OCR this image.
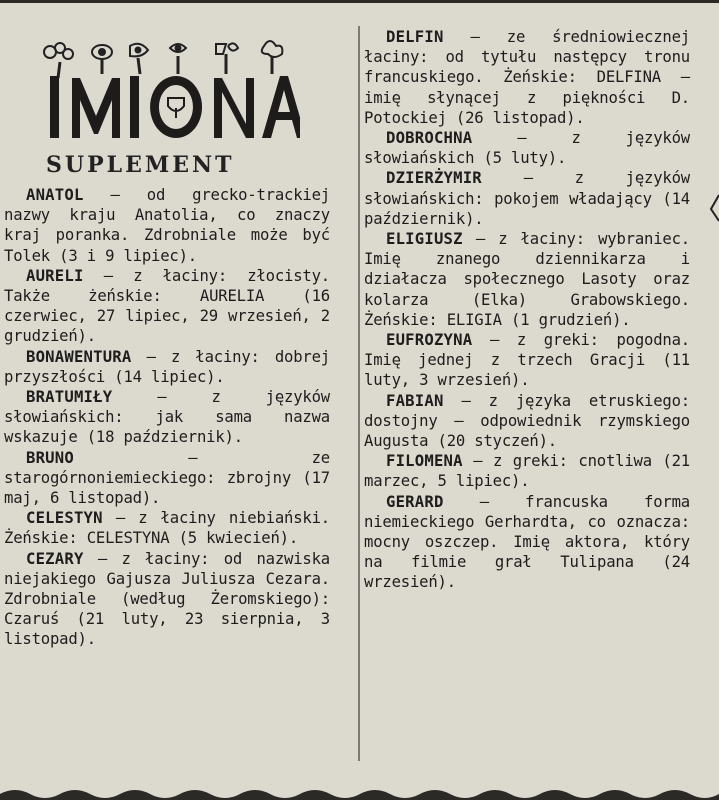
SUPLEMENT

ANATOL — od grecko-trackiej nazwy kraju Anatolia, co znaczy kraj poranka. Zdrobniale może być Tolek (3 i 9 lipiec).

AURELI — z łaciny: złocisty. Także żeńskie: AURELIA (16 czerwiec, 27 lipiec, 29 wrzesień, 2 grudzień).

BONAWENTURA — z łaciny: dobrej przyszłości (14 lipiec).

BRATUMIŁY — z języków słowiańskich: jak sama nazwa wskazuje (18 październik).

BRUNO — ze starogórnoniemieckiego: zbrojny (17 maj, 6 listopad).

CELESTYN — z łaciny niebiański. Żeńskie: CELESTYNA (5 kwiecień).

CEZARY — z łaciny: od nazwiska niejakiego Gajusza Juliusza Cezara. Zdrobniale (według Żeromskiego): Czaruś (21 luty, 23 sierpnia, 3 listopad).

DELFIN — ze średniowiecznej łaciny: od tytułu następcy tronu francuskiego. Żeńskie: DELFINA — imię słynącej z piękności D. Potockiej (26 listopad).

DOBROCHNA — z języków słowiańskich (5 luty).

DZIERŻYMIR — z języków słowiańskich: pokojem władający (14 październik).

ELIGIUSZ — z łaciny: wybraniec. Imię znanego dziennikarza i działacza społecznego Lasoty oraz kolarza (Elka) Grabowskiego. Żeńskie: ELIGIA (1 grudzień).

EUFROZYNA — z greki: pogodna. Imię jednej z trzech Gracji (11 luty, 3 wrzesień).

FABIAN — z języka etruskiego: dostojny — odpowiednik rzymskiego Augusta (20 styczeń).

FILOMENA — z greki: cnotliwa (21 marzec, 5 lipiec).

GERARD — francuska forma niemieckiego Gerhardta, co oznacza: mocny oszczep. Imię aktora, który na filmie grał Tulipana (24 wrzesień).
